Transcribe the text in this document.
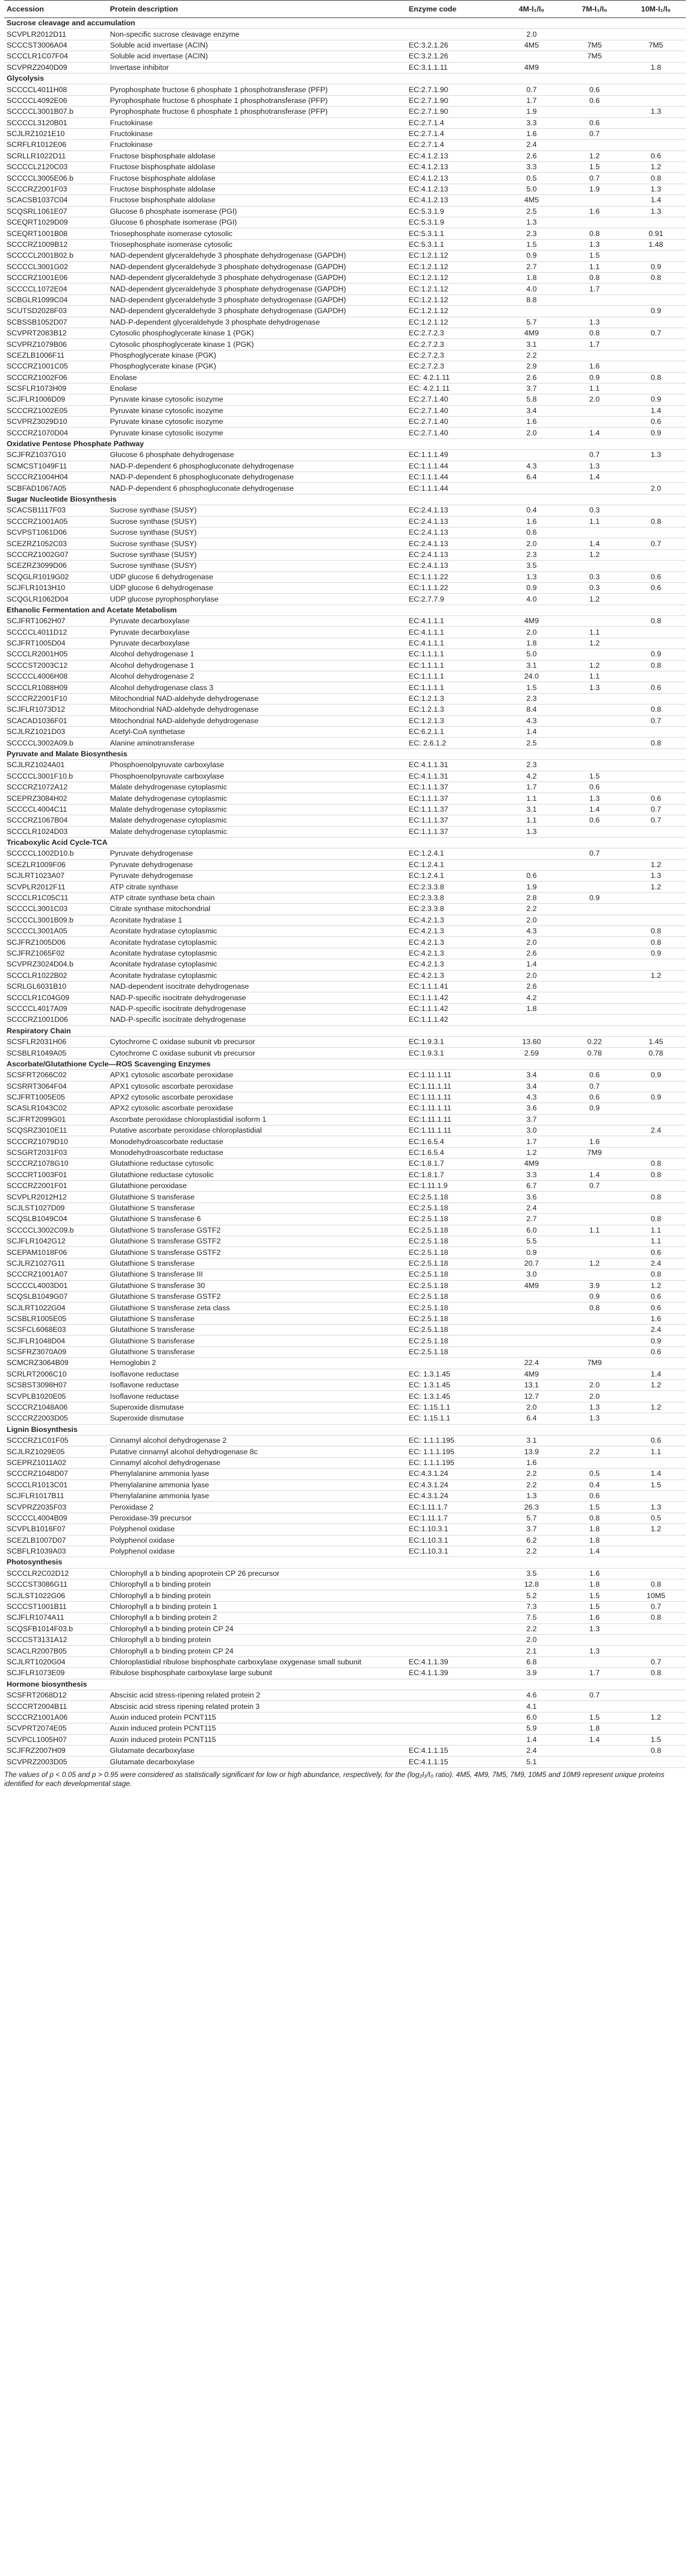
Accession	Protein description	Enzyme code	4M-I₁/I₀	7M-I₁/I₀	10M-I₁/I₀
Sucrose cleavage and accumulation					
SCVPLR2012D11	Non-specific sucrose cleavage enzyme		2.0		
SCCCST3006A04	Soluble acid invertase (ACIN)	EC:3.2.1.26	4M5	7M5	7M5
SCCCLR1C07F04	Soluble acid invertase (ACIN)	EC:3.2.1.26		7M5	
SCVPRZ2040D09	Invertase inhibitor	EC:3.1.1.11	4M9		1.8
Glycolysis					
SCCCCL4011H08	Pyrophosphate fructose 6 phosphate 1 phosphotransferase (PFP)	EC:2.7.1.90	0.7	0.6	
SCCCCL4092E06	Pyrophosphate fructose 6 phosphate 1 phosphotransferase (PFP)	EC:2.7.1.90	1.7	0.6	
SCCCCL3001B07.b	Pyrophosphate fructose 6 phosphate 1 phosphotransferase (PFP)	EC:2.7.1.90	1.9		1.3
SCCCCL3120B01	Fructokinase	EC:2.7.1.4	3.3	0.6	
SCJLRZ1021E10	Fructokinase	EC:2.7.1.4	1.6	0.7	
SCRFLR1012E06	Fructokinase	EC:2.7.1.4	2.4		
SCRLLR1022D11	Fructose bisphosphate aldolase	EC:4.1.2.13	2.6	1.2	0.6
SCCCCL2120C03	Fructose bisphosphate aldolase	EC:4.1.2.13	3.3	1.5	1.2
SCCCCL3005E06.b	Fructose bisphosphate aldolase	EC:4.1.2.13	0.5	0.7	0.8
SCCCRZ2001F03	Fructose bisphosphate aldolase	EC:4.1.2.13	5.0	1.9	1.3
SCACSB1037C04	Fructose bisphosphate aldolase	EC:4.1.2.13	4M5		1.4
SCQSRL1061E07	Glucose 6 phosphate isomerase (PGI)	EC:5.3.1.9	2.5	1.6	1.3
SCEQRT1029D09	Glucose 6 phosphate isomerase (PGI)	EC:5.3.1.9	1.3		
SCEQRT1001B08	Triosephosphate isomerase cytosolic	EC:5.3.1.1	2.3	0.8	0.91
SCCCRZ1009B12	Triosephosphate isomerase cytosolic	EC:5.3.1.1	1.5	1.3	1.48
SCCCCL2001B02.b	NAD-dependent glyceraldehyde 3 phosphate dehydrogenase (GAPDH)	EC:1.2.1.12	0.9	1.5	
SCCCCL3001G02	NAD-dependent glyceraldehyde 3 phosphate dehydrogenase (GAPDH)	EC:1.2.1.12	2.7	1.1	0.9
SCCCRZ1001E06	NAD-dependent glyceraldehyde 3 phosphate dehydrogenase (GAPDH)	EC:1.2.1.12	1.8	0.8	0.8
SCCCCL1072E04	NAD-dependent glyceraldehyde 3 phosphate dehydrogenase (GAPDH)	EC:1.2.1.12	4.0	1.7	
SCBGLR1099C04	NAD-dependent glyceraldehyde 3 phosphate dehydrogenase (GAPDH)	EC:1.2.1.12	8.8		
SCUTSD2028F03	NAD-dependent glyceraldehyde 3 phosphate dehydrogenase (GAPDH)	EC:1.2.1.12			0.9
SCBSSB1052D07	NAD-P-dependent glyceraldehyde 3 phosphate dehydrogenase	EC:1.2.1.12	5.7	1.3	
SCVPRT2083B12	Cytosolic phosphoglycerate kinase 1 (PGK)	EC:2.7.2.3	4M9	0.8	0.7
SCVPRZ1079B06	Cytosolic phosphoglycerate kinase 1 (PGK)	EC:2.7.2.3	3.1	1.7	
SCEZLB1006F11	Phosphoglycerate kinase (PGK)	EC:2.7.2.3	2.2		
SCCCRZ1001C05	Phosphoglycerate kinase (PGK)	EC:2.7.2.3	2.9	1.6	
SCCCRZ1002F06	Enolase	EC: 4.2.1.11	2.6	0.9	0.8
SCSFLR1073H09	Enolase	EC: 4.2.1.11	3.7	1.1	
SCJFLR1006D09	Pyruvate kinase cytosolic isozyme	EC:2.7.1.40	5.8	2.0	0.9
SCCCRZ1002E05	Pyruvate kinase cytosolic isozyme	EC:2.7.1.40	3.4		1.4
SCVPRZ3029D10	Pyruvate kinase cytosolic isozyme	EC:2.7.1.40	1.6		0.6
SCCCRZ1070D04	Pyruvate kinase cytosolic isozyme	EC:2.7.1.40	2.0	1.4	0.9
Oxidative Pentose Phosphate Pathway					
SCJFRZ1037G10	Glucose 6 phosphate dehydrogenase	EC:1.1.1.49		0.7	1.3
SCMCST1049F11	NAD-P-dependent 6 phosphogluconate dehydrogenase	EC:1.1.1.44	4.3	1.3	
SCCCRZ1004H04	NAD-P-dependent 6 phosphogluconate dehydrogenase	EC:1.1.1.44	6.4	1.4	
SCBFAD1067A05	NAD-P-dependent 6 phosphogluconate dehydrogenase	EC:1.1.1.44			2.0
Sugar Nucleotide Biosynthesis					
SCACSB1117F03	Sucrose synthase (SUSY)	EC:2.4.1.13	0.4	0.3	
SCCCRZ1001A05	Sucrose synthase (SUSY)	EC:2.4.1.13	1.6	1.1	0.8
SCVPST1061D06	Sucrose synthase (SUSY)	EC:2.4.1.13	0.6		
SCEZRZ1052C03	Sucrose synthase (SUSY)	EC:2.4.1.13	2.0	1.4	0.7
SCCCRZ1002G07	Sucrose synthase (SUSY)	EC:2.4.1.13	2.3	1.2	
SCEZRZ3099D06	Sucrose synthase (SUSY)	EC:2.4.1.13	3.5		
SCQGLR1019G02	UDP glucose 6 dehydrogenase	EC:1.1.1.22	1.3	0.3	0.6
SCJFLR1013H10	UDP glucose 6 dehydrogenase	EC:1.1.1.22	0.9	0.3	0.6
SCQGLR1062D04	UDP glucose pyrophosphorylase	EC:2.7.7.9	4.0	1.2	
Ethanolic Fermentation and Acetate Metabolism					
SCJFRT1062H07	Pyruvate decarboxylase	EC:4.1.1.1	4M9		0.8
SCCCCL4011D12	Pyruvate decarboxylase	EC:4.1.1.1	2.0	1.1	
SCJFRT1005D04	Pyruvate decarboxylase	EC:4.1.1.1	1.8	1.2	
SCCCLR2001H05	Alcohol dehydrogenase 1	EC:1.1.1.1	5.0		0.9
SCCCST2003C12	Alcohol dehydrogenase 1	EC:1.1.1.1	3.1	1.2	0.8
SCCCCL4006H08	Alcohol dehydrogenase 2	EC:1.1.1.1	24.0	1.1	
SCCCLR1088H09	Alcohol dehydrogenase class 3	EC:1.1.1.1	1.5	1.3	0.6
SCCCRZ2001F10	Mitochondrial NAD-aldehyde dehydrogenase	EC:1.2.1.3	2.3		
SCJFLR1073D12	Mitochondrial NAD-aldehyde dehydrogenase	EC:1.2.1.3	8.4		0.8
SCACAD1036F01	Mitochondrial NAD-aldehyde dehydrogenase	EC:1.2.1.3	4.3		0.7
SCJLRZ1021D03	Acetyl-CoA synthetase	EC:6.2.1.1	1.4		
SCCCCL3002A09.b	Alanine aminotransferase	EC: 2.6.1.2	2.5		0.8
Pyruvate and Malate Biosynthesis					
SCJLRZ1024A01	Phosphoenolpyruvate carboxylase	EC:4.1.1.31	2.3		
SCCCCL3001F10.b	Phosphoenolpyruvate carboxylase	EC:4.1.1.31	4.2	1.5	
SCCCRZ1072A12	Malate dehydrogenase cytoplasmic	EC:1.1.1.37	1.7	0.6	
SCEPRZ3084H02	Malate dehydrogenase cytoplasmic	EC:1.1.1.37	1.1	1.3	0.6
SCCCCL4004C11	Malate dehydrogenase cytoplasmic	EC:1.1.1.37	3.1	1.4	0.7
SCCCRZ1067B04	Malate dehydrogenase cytoplasmic	EC:1.1.1.37	1.1	0.6	0.7
SCCCLR1024D03	Malate dehydrogenase cytoplasmic	EC:1.1.1.37	1.3		
Tricaboxylic Acid Cycle-TCA					
SCCCCL1002D10.b	Pyruvate dehydrogenase	EC:1.2.4.1		0.7	
SCEZLR1009F06	Pyruvate dehydrogenase	EC:1.2.4.1			1.2
SCJLRT1023A07	Pyruvate dehydrogenase	EC:1.2.4.1	0.6		1.3
SCVPLR2012F11	ATP citrate synthase	EC:2.3.3.8	1.9		1.2
SCCCLR1C05C11	ATP citrate synthase beta chain	EC:2.3.3.8	2.8	0.9	
SCCCCL3001C03	Citrate synthase mitochondrial	EC:2.3.3.8	2.2		
SCCCCL3001B09.b	Aconitate hydratase 1	EC:4.2.1.3	2.0		
SCCCCL3001A05	Aconitate hydratase cytoplasmic	EC:4.2.1.3	4.3		0.8
SCJFRZ1005D06	Aconitate hydratase cytoplasmic	EC:4.2.1.3	2.0		0.8
SCJFRZ1065F02	Aconitate hydratase cytoplasmic	EC:4.2.1.3	2.6		0.9
SCVPRZ3024D04.b	Aconitate hydratase cytoplasmic	EC:4.2.1.3	1.4		
SCCCLR1022B02	Aconitate hydratase cytoplasmic	EC:4.2.1.3	2.0		1.2
SCRLGL6031B10	NAD-dependent isocitrate dehydrogenase	EC:1.1.1.41	2.6		
SCCCLR1C04G09	NAD-P-specific isocitrate dehydrogenase	EC:1.1.1.42	4.2		
SCCCCL4017A09	NAD-P-specific isocitrate dehydrogenase	EC:1.1.1.42	1.8		
SCCCRZ1001D06	NAD-P-specific isocitrate dehydrogenase	EC:1.1.1.42			
Respiratory Chain					
SCSFLR2031H06	Cytochrome C oxidase subunit vb precursor	EC:1.9.3.1	13.60	0.22	1.45
SCSBLR1049A05	Cytochrome C oxidase subunit vb precursor	EC:1.9.3.1	2.59	0.78	0.78
Ascorbate/Glutathione Cycle—ROS Scavenging Enzymes					
SCSFRT2066C02	APX1 cytosolic ascorbate peroxidase	EC:1.11.1.11	3.4	0.6	0.9
SCSRRT3064F04	APX1 cytosolic ascorbate peroxidase	EC:1.11.1.11	3.4	0.7	
SCJFRT1005E05	APX2 cytosolic ascorbate peroxidase	EC:1.11.1.11	4.3	0.6	0.9
SCASLR1043C02	APX2 cytosolic ascorbate peroxidase	EC:1.11.1.11	3.6	0.9	
SCJFRT2099G01	Ascorbate peroxidase chloroplastidial isoform 1	EC:1.11.1.11	3.7		
SCQSRZ3010E11	Putative ascorbate peroxidase chloroplastidial	EC:1.11.1.11	3.0		2.4
SCCCRZ1079D10	Monodehydroascorbate reductase	EC:1.6.5.4	1.7	1.6	
SCSGRT2031F03	Monodehydroascorbate reductase	EC:1.6.5.4	1.2	7M9	
SCCCRZ1078G10	Glutathione reductase cytosolic	EC:1.8.1.7	4M9		0.8
SCCCRT1003F01	Glutathione reductase cytosolic	EC:1.8.1.7	3.3	1.4	0.8
SCCCRZ2001F01	Glutathione peroxidase	EC:1.11.1.9	6.7	0.7	
SCVPLR2012H12	Glutathione S transferase	EC:2.5.1.18	3.6		0.8
SCJLST1027D09	Glutathione S transferase	EC:2.5.1.18	2.4		
SCQSLB1049C04	Glutathione S transferase 6	EC:2.5.1.18	2.7		0.8
SCCCCL3002C09.b	Glutathione S transferase GSTF2	EC:2.5.1.18	6.0	1.1	1.1
SCJFLR1042G12	Glutathione S transferase GSTF2	EC:2.5.1.18	5.5		1.1
SCEPAM1018F06	Glutathione S transferase GSTF2	EC:2.5.1.18	0.9		0.6
SCJLRZ1027G11	Glutathione S transferase	EC:2.5.1.18	20.7	1.2	2.4
SCCCRZ1001A07	Glutathione S transferase III	EC:2.5.1.18	3.0		0.8
SCCCCL4003D01	Glutathione S transferase 30	EC:2.5.1.18	4M9	3.9	1.2
SCQSLB1049G07	Glutathione S transferase GSTF2	EC:2.5.1.18		0.9	0.6
SCJLRT1022G04	Glutathione S transferase zeta class	EC:2.5.1.18		0.8	0.6
SCSBLR1005E05	Glutathione S transferase	EC:2.5.1.18			1.6
SCSFCL6068E03	Glutathione S transferase	EC:2.5.1.18			2.4
SCJFLR1048D04	Glutathione S transferase	EC:2.5.1.18			0.9
SCSFRZ3070A09	Glutathione S transferase	EC:2.5.1.18			0.6
SCMCRZ3064B09	Hemoglobin 2		22.4	7M9	
SCRLRT2006C10	Isoflavone reductase	EC: 1.3.1.45	4M9		1.4
SCSBST3098H07	Isoflavone reductase	EC: 1.3.1.45	13.1	2.0	1.2
SCVPLB1020E05	Isoflavone reductase	EC: 1.3.1.45	12.7	2.0	
SCCCRZ1048A06	Superoxide dismutase	EC: 1.15.1.1	2.0	1.3	1.2
SCCCRZ2003D05	Superoxide dismutase	EC: 1.15.1.1	6.4	1.3	
Lignin Biosynthesis					
SCCCRZ1C01F05	Cinnamyl alcohol dehydrogenase 2	EC: 1.1.1.195	3.1		0.6
SCJLRZ1029E05	Putative cinnamyl alcohol dehydrogenase 8c	EC: 1.1.1.195	13.9	2.2	1.1
SCEPRZ1011A02	Cinnamyl alcohol dehydrogenase	EC: 1.1.1.195	1.6		
SCCCRZ1048D07	Phenylalanine ammonia lyase	EC:4.3.1.24	2.2	0.5	1.4
SCCCLR1013C01	Phenylalanine ammonia lyase	EC:4.3.1.24	2.2	0.4	1.5
SCJFLR1017B11	Phenylalanine ammonia lyase	EC:4.3.1.24	1.3	0.6	
SCVPRZ2035F03	Peroxidase 2	EC:1.11.1.7	26.3	1.5	1.3
SCCCCL4004B09	Peroxidase-39 precursor	EC:1.11.1.7	5.7	0.8	0.5
SCVPLB1016F07	Polyphenol oxidase	EC:1.10.3.1	3.7	1.8	1.2
SCEZLB1007D07	Polyphenol oxidase	EC:1.10.3.1	6.2	1.8	
SCBFLR1039A03	Polyphenol oxidase	EC:1.10.3.1	2.2	1.4	
Photosynthesis					
SCCCLR2C02D12	Chlorophyll a b binding apoprotein CP 26 precursor		3.5	1.6	
SCCCST3086G11	Chlorophyll a b binding protein		12.8	1.8	0.8
SCJLST1022G06	Chlorophyll a b binding protein		5.2	1.5	10M5
SCCCST1001B11	Chlorophyll a b binding protein 1		7.3	1.5	0.7
SCJFLR1074A11	Chlorophyll a b binding protein 2		7.5	1.6	0.8
SCQSFB1014F03.b	Chlorophyll a b binding protein CP 24		2.2	1.3	
SCCCST3131A12	Chlorophyll a b binding protein		2.0		
SCACLR2007B05	Chlorophyll a b binding protein CP 24		2.1	1.3	
SCJLRT1020G04	Chloroplastidial ribulose bisphosphate carboxylase oxygenase small subunit	EC:4.1.1.39	6.8		0.7
SCJFLR1073E09	Ribulose bisphosphate carboxylase large subunit	EC:4.1.1.39	3.9	1.7	0.8
Hormone biosynthesis					
SCSFRT2068D12	Abscisic acid stress-ripening related protein 2		4.6	0.7	
SCCCRT2004B11	Abscisic acid stress ripening related protein 3		4.1		
SCCCRZ1001A06	Auxin induced protein PCNT115		6.0	1.5	1.2
SCVPRT2074E05	Auxin induced protein PCNT115		5.9	1.8	
SCVPCL1005H07	Auxin induced protein PCNT115		1.4	1.4	1.5
SCJFRZ2007H09	Glutamate decarboxylase	EC:4.1.1.15	2.4		0.8
SCVPRZ2003D05	Glutamate decarboxylase	EC:4.1.1.15	5.1		
The values of p < 0.05 and p > 0.95 were considered as statistically significant for low or high abundance, respectively, for the (log₂I₁/I₀ ratio). 4M5, 4M9, 7M5, 7M9, 10M5 and 10M9 represent unique proteins identified for each developmental stage.
